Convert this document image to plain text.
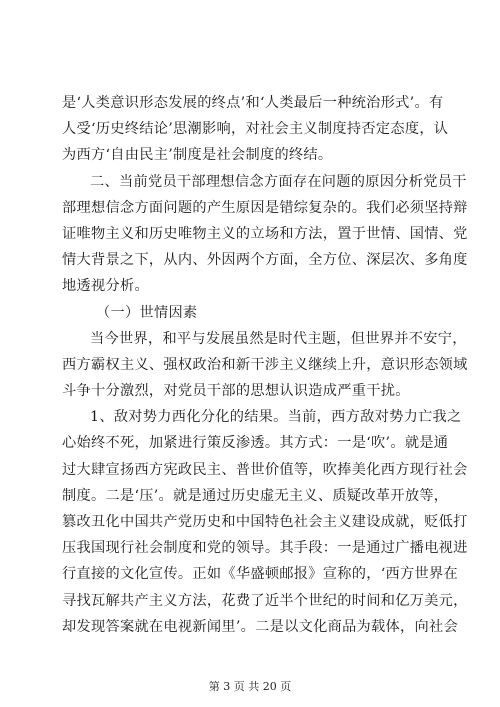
是‘人类意识形态发展的终点’和‘人类最后一种统治形式’。有
人受‘历史终结论’思潮影响，对社会主义制度持否定态度，认
为西方‘自由民主’制度是社会制度的终结。
二、当前党员干部理想信念方面存在问题的原因分析党员干
部理想信念方面问题的产生原因是错综复杂的。我们必须坚持辩
证唯物主义和历史唯物主义的立场和方法，置于世情、国情、党
情大背景之下，从内、外因两个方面，全方位、深层次、多角度
地透视分析。
（一）世情因素
当今世界，和平与发展虽然是时代主题，但世界并不安宁，
西方霸权主义、强权政治和新干涉主义继续上升，意识形态领域
斗争十分激烈，对党员干部的思想认识造成严重干扰。
1、敌对势力西化分化的结果。当前，西方敌对势力亡我之
心始终不死，加紧进行策反渗透。其方式：一是‘吹’。就是通
过大肆宣扬西方宪政民主、普世价值等，吹捧美化西方现行社会
制度。二是‘压’。就是通过历史虚无主义、质疑改革开放等，
篡改丑化中国共产党历史和中国特色社会主义建设成就，贬低打
压我国现行社会制度和党的领导。其手段：一是通过广播电视进
行直接的文化宣传。正如《华盛顿邮报》宣称的，‘西方世界在
寻找瓦解共产主义方法，花费了近半个世纪的时间和亿万美元，
却发现答案就在电视新闻里’。二是以文化商品为载体，向社会
第 3 页 共 20 页
